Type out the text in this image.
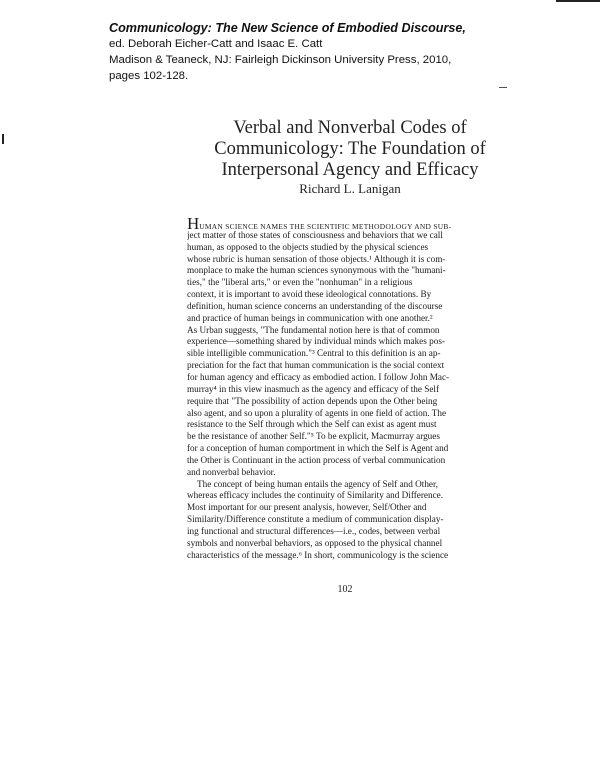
Communicology: The New Science of Embodied Discourse,
ed. Deborah Eicher-Catt and Isaac E. Catt
Madison & Teaneck, NJ: Fairleigh Dickinson University Press, 2010,
pages 102-128.
Verbal and Nonverbal Codes of
Communicology: The Foundation of
Interpersonal Agency and Efficacy
Richard L. Lanigan
HUMAN SCIENCE NAMES THE SCIENTIFIC METHODOLOGY AND SUB-
ject matter of those states of consciousness and behaviors that we call
human, as opposed to the objects studied by the physical sciences
whose rubric is human sensation of those objects.¹ Although it is com-
monplace to make the human sciences synonymous with the "humani-
ties," the "liberal arts," or even the "nonhuman" in a religious
context, it is important to avoid these ideological connotations. By
definition, human science concerns an understanding of the discourse
and practice of human beings in communication with one another.²
As Urban suggests, "The fundamental notion here is that of common
experience—something shared by individual minds which makes pos-
sible intelligible communication."³ Central to this definition is an ap-
preciation for the fact that human communication is the social context
for human agency and efficacy as embodied action. I follow John Mac-
murray⁴ in this view inasmuch as the agency and efficacy of the Self
require that "The possibility of action depends upon the Other being
also agent, and so upon a plurality of agents in one field of action. The
resistance to the Self through which the Self can exist as agent must
be the resistance of another Self."⁵ To be explicit, Macmurray argues
for a conception of human comportment in which the Self is Agent and
the Other is Continuant in the action process of verbal communication
and nonverbal behavior.
The concept of being human entails the agency of Self and Other,
whereas efficacy includes the continuity of Similarity and Difference.
Most important for our present analysis, however, Self/Other and
Similarity/Difference constitute a medium of communication display-
ing functional and structural differences—i.e., codes, between verbal
symbols and nonverbal behaviors, as opposed to the physical channel
characteristics of the message.⁶ In short, communicology is the science
102
